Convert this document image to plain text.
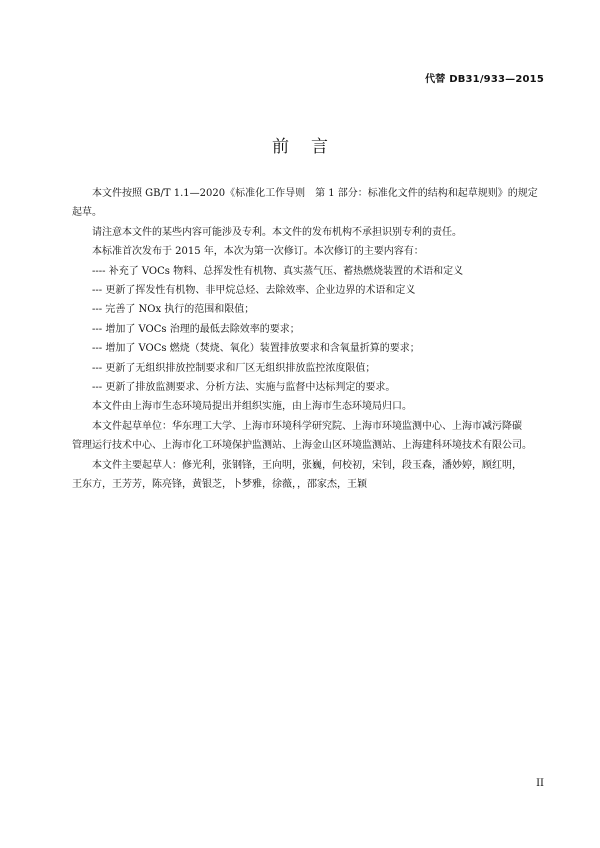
代替 DB31/933—2015
前言

本文件按照 GB/T 1.1—2020《标准化工作导则　第 1 部分：标准化文件的结构和起草规则》的规定

起草。

请注意本文件的某些内容可能涉及专利。本文件的发布机构不承担识别专利的责任。

本标准首次发布于 2015 年，本次为第一次修订。本次修订的主要内容有：

---- 补充了 VOCs 物料、总挥发性有机物、真实蒸气压、蓄热燃烧装置的术语和定义

--- 更新了挥发性有机物、非甲烷总烃、去除效率、企业边界的术语和定义

--- 完善了 NOx 执行的范围和限值；

--- 增加了 VOCs 治理的最低去除效率的要求；

--- 增加了 VOCs 燃烧（焚烧、氧化）装置排放要求和含氧量折算的要求；

--- 更新了无组织排放控制要求和厂区无组织排放监控浓度限值；

--- 更新了排放监测要求、分析方法、实施与监督中达标判定的要求。

本文件由上海市生态环境局提出并组织实施，由上海市生态环境局归口。

本文件起草单位：华东理工大学、上海市环境科学研究院、上海市环境监测中心、上海市减污降碳

管理运行技术中心、上海市化工环境保护监测站、上海金山区环境监测站、上海建科环境技术有限公司。

本文件主要起草人：修光利，张钢锋，王向明，张巍，何校初，宋钊，段玉森，潘妙婷，顾红明，

王东方，王芳芳，陈亮锋，黄银芝，卜梦雅，徐薇，，邵家杰，王颖

II
